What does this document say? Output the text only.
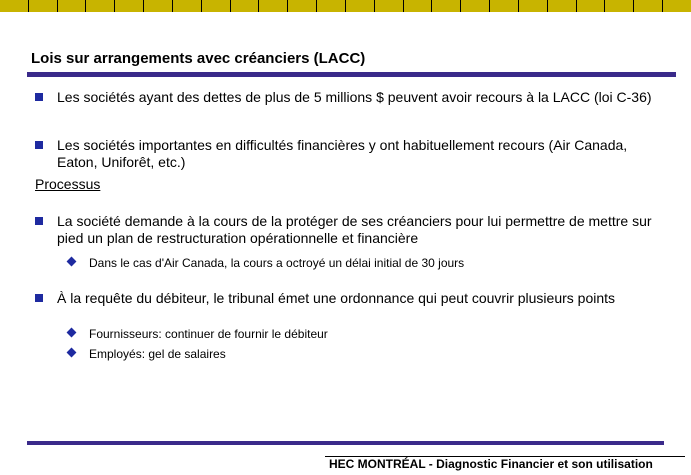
Lois sur arrangements avec créanciers (LACC)
Les sociétés ayant des dettes de plus de 5 millions $ peuvent avoir recours à la LACC (loi C-36)
Les sociétés importantes en difficultés financières y ont habituellement recours (Air Canada, Eaton, Uniforêt, etc.)
Processus
La société demande à la cours de la protéger de ses créanciers pour lui permettre de mettre sur pied un plan de restructuration opérationnelle et financière
Dans le cas d'Air Canada, la cours a octroyé un délai initial de 30 jours
À la requête du débiteur, le tribunal émet une ordonnance qui peut couvrir plusieurs points
Fournisseurs: continuer de fournir le débiteur
Employés: gel de salaires
HEC MONTRÉAL - Diagnostic Financier et son utilisation
